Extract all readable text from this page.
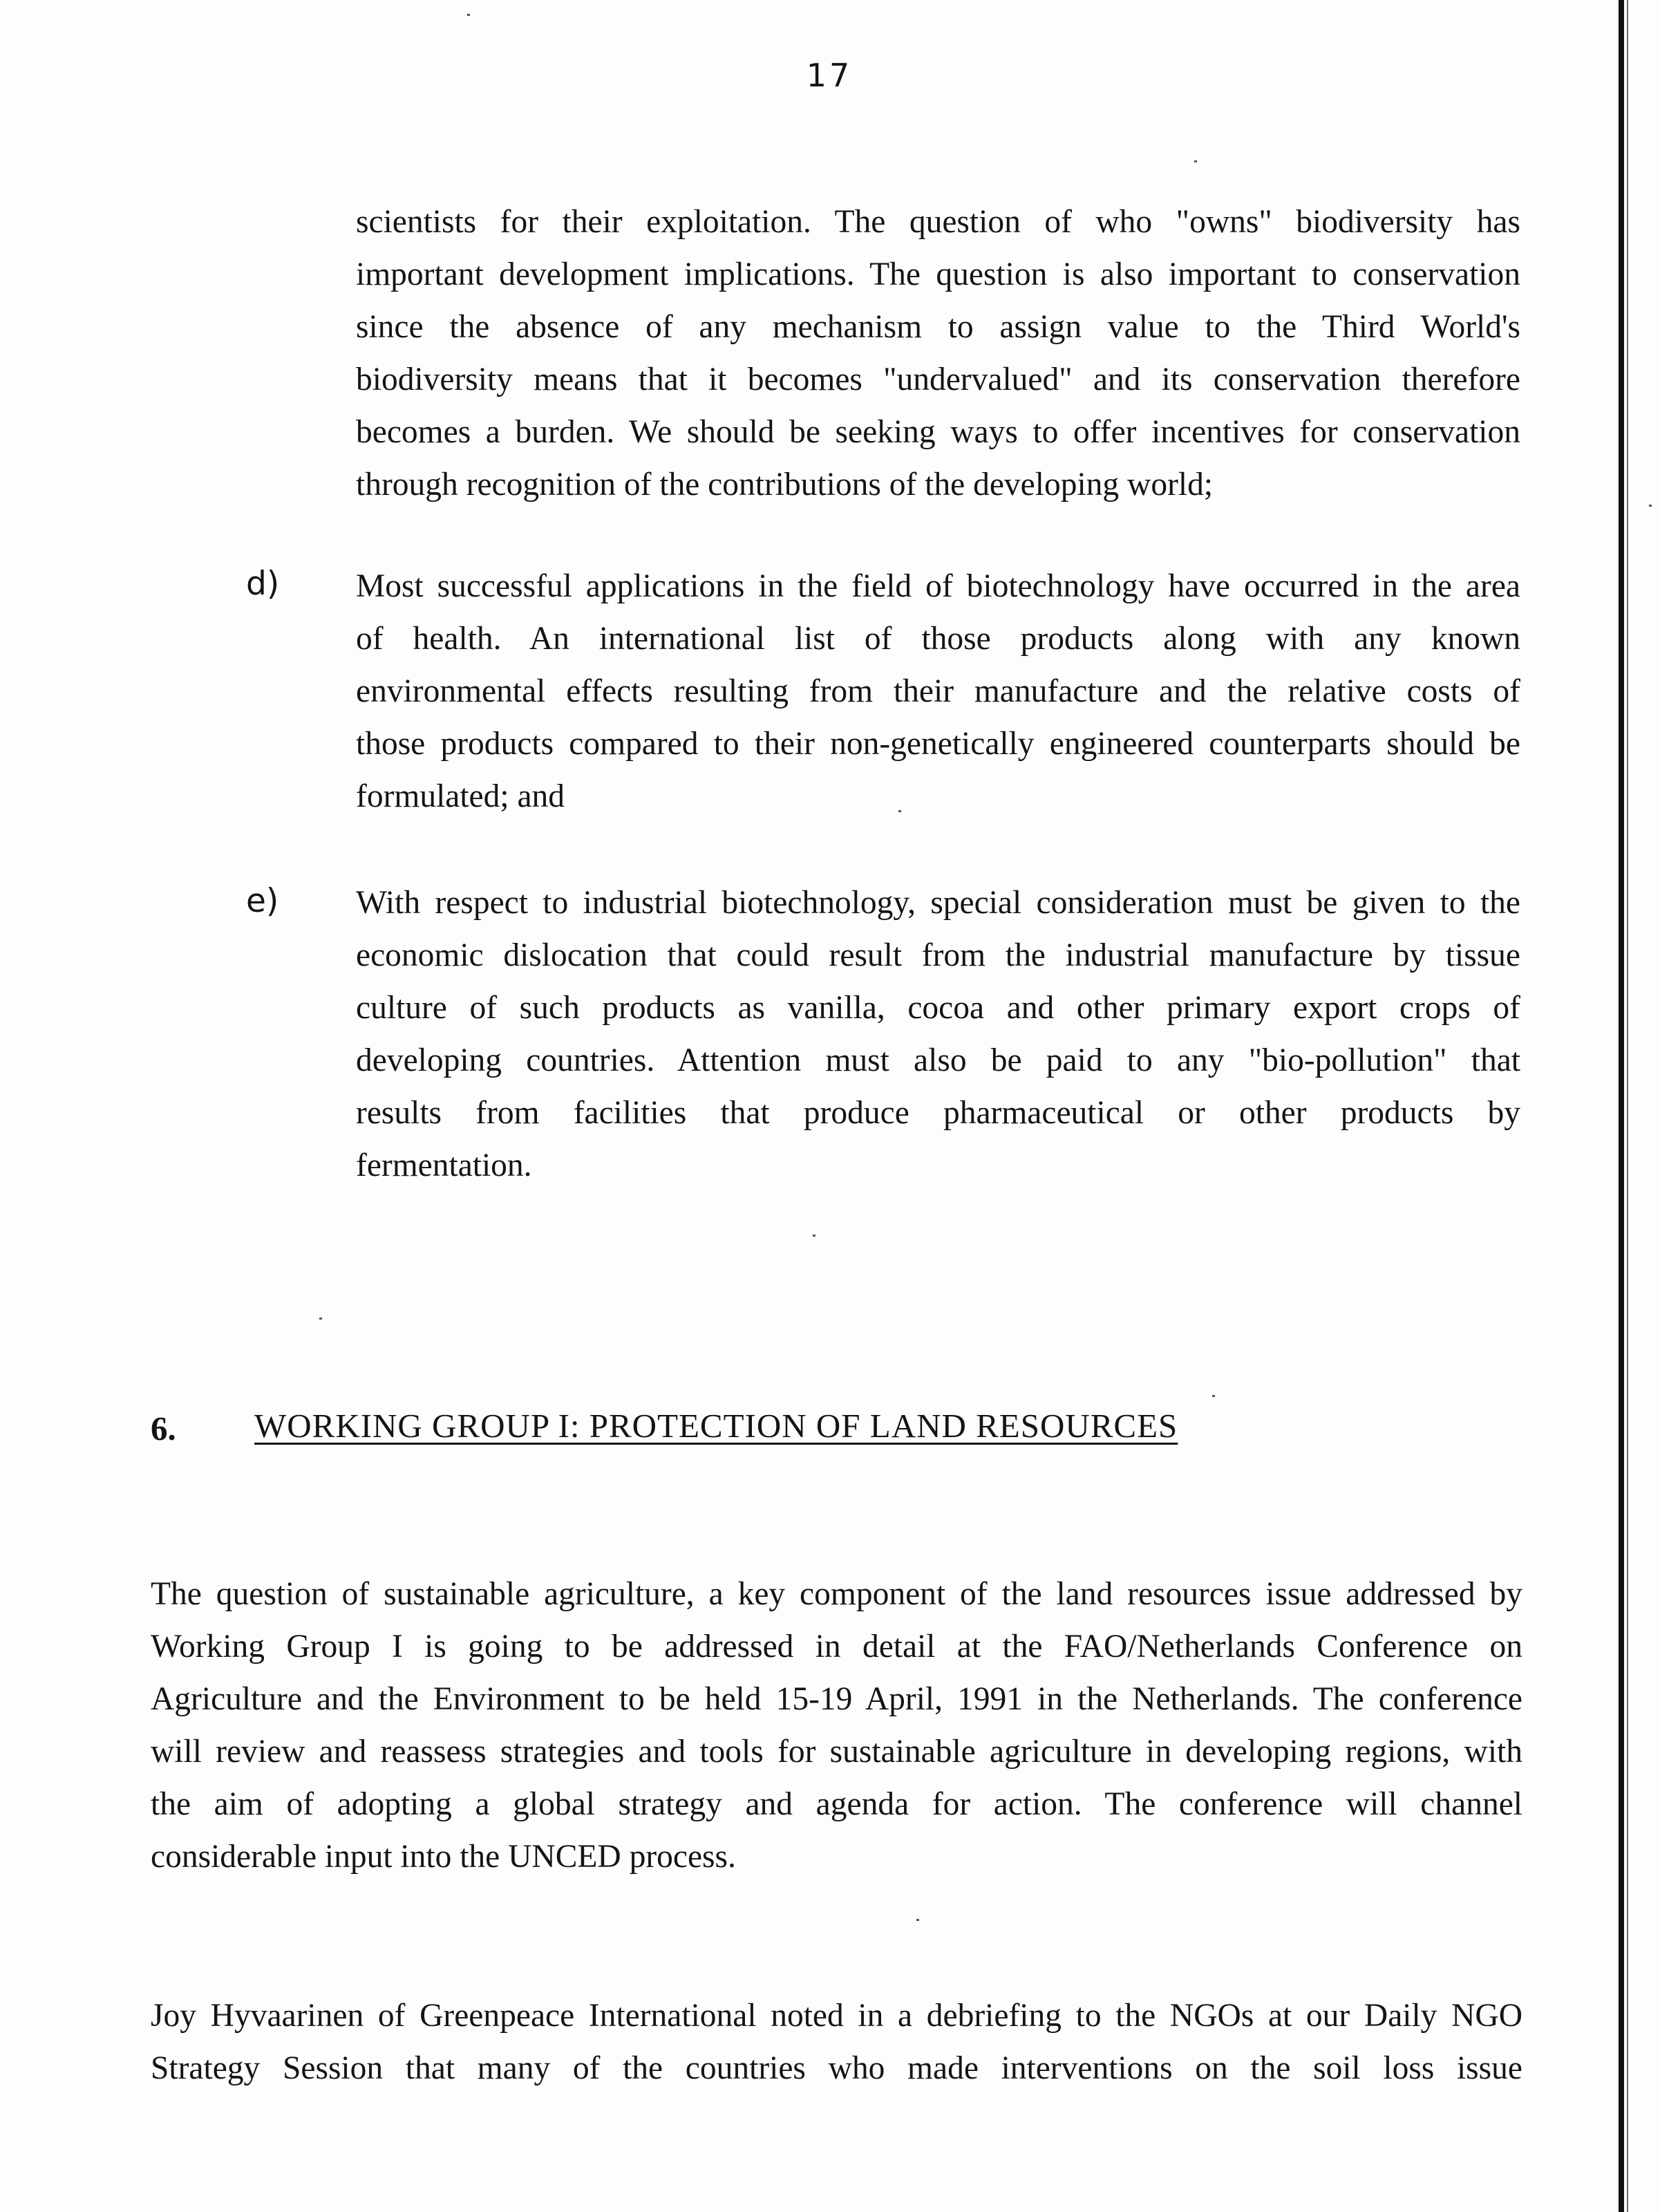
17
scientists for their exploitation. The question of who "owns" biodiversity has
important development implications. The question is also important to conservation
since the absence of any mechanism to assign value to the Third World's
biodiversity means that it becomes "undervalued" and its conservation therefore
becomes a burden. We should be seeking ways to offer incentives for conservation
through recognition of the contributions of the developing world;
d) Most successful applications in the field of biotechnology have occurred in the area
of health. An international list of those products along with any known
environmental effects resulting from their manufacture and the relative costs of
those products compared to their non-genetically engineered counterparts should be
formulated; and
e) With respect to industrial biotechnology, special consideration must be given to the
economic dislocation that could result from the industrial manufacture by tissue
culture of such products as vanilla, cocoa and other primary export crops of
developing countries. Attention must also be paid to any "bio-pollution" that
results from facilities that produce pharmaceutical or other products by
fermentation.
6. WORKING GROUP I: PROTECTION OF LAND RESOURCES
The question of sustainable agriculture, a key component of the land resources issue addressed by
Working Group I is going to be addressed in detail at the FAO/Netherlands Conference on
Agriculture and the Environment to be held 15-19 April, 1991 in the Netherlands. The conference
will review and reassess strategies and tools for sustainable agriculture in developing regions, with
the aim of adopting a global strategy and agenda for action. The conference will channel
considerable input into the UNCED process.
Joy Hyvaarinen of Greenpeace International noted in a debriefing to the NGOs at our Daily NGO
Strategy Session that many of the countries who made interventions on the soil loss issue
